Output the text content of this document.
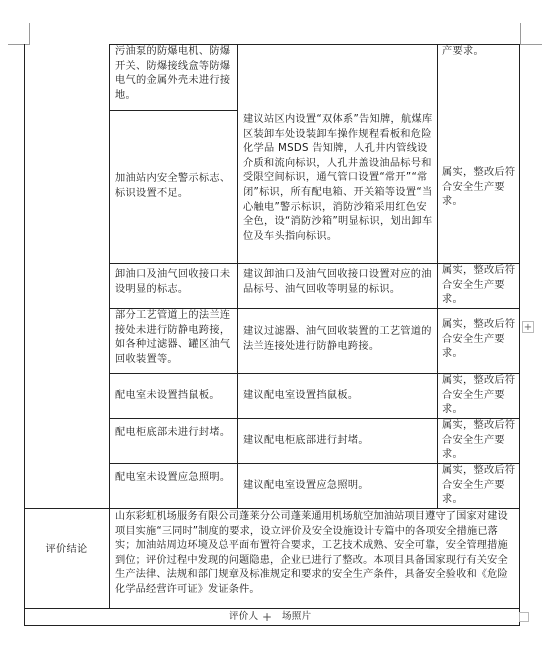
污油泵的防爆电机、防爆开关、防爆接线盒等防爆电气的金属外壳未进行接地。
产要求。
加油站内安全警示标志、标识设置不足。
建议站区内设置“双体系”告知牌，航煤库区装卸车处设装卸车操作规程看板和危险化学品 MSDS 告知牌，人孔井内管线设介质和流向标识，人孔井盖设油品标号和受限空间标识，通气管口设置“常开”“常闭”标识，所有配电箱、开关箱等设置“当心触电”警示标识，消防沙箱采用红色安全色，设“消防沙箱”明显标识，划出卸车位及车头指向标识。
属实，整改后符合安全生产要求。
卸油口及油气回收接口未设明显的标志。
建议卸油口及油气回收接口设置对应的油品标号、油气回收等明显的标识。
属实，整改后符合安全生产要求。
部分工艺管道上的法兰连接处未进行防静电跨接，如各种过滤器、罐区油气回收装置等。
建议过滤器、油气回收装置的工艺管道的法兰连接处进行防静电跨接。
属实，整改后符合安全生产要求。
配电室未设置挡鼠板。	建议配电室设置挡鼠板。
属实，整改后符合安全生产要求。
配电柜底部未进行封堵。
建议配电柜底部进行封堵。
属实，整改后符合安全生产要求。
配电室未设置应急照明。
建议配电室设置应急照明。
属实，整改后符合安全生产要求。
评价结论
山东彩虹机场服务有限公司蓬莱分公司蓬莱通用机场航空加油站项目遵守了国家对建设项目实施“三同时”制度的要求，设立评价及安全设施设计专篇中的各项安全措施已落实；加油站周边环境及总平面布置符合要求，工艺技术成熟、安全可靠，安全管理措施到位；评价过程中发现的问题隐患，企业已进行了整改。本项目具备国家现行有关安全生产法律、法规和部门规章及标准规定和要求的安全生产条件，具备安全验收和《危险化学品经营许可证》发证条件。
评价人 场照片
+
+
